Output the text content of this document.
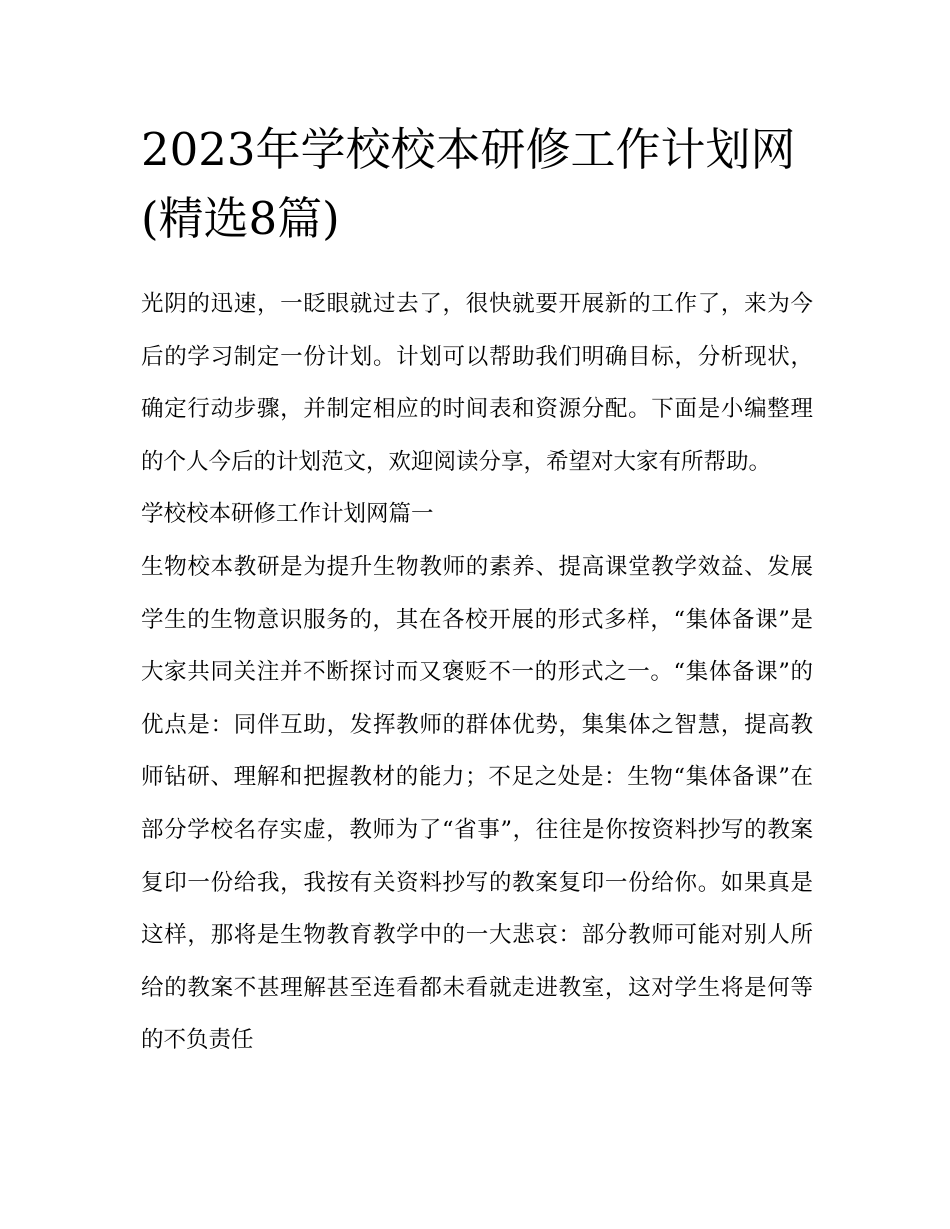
2023年学校校本研修工作计划网(精选8篇)

光阴的迅速，一眨眼就过去了，很快就要开展新的工作了，来为今后的学习制定一份计划。计划可以帮助我们明确目标，分析现状，确定行动步骤，并制定相应的时间表和资源分配。下面是小编整理的个人今后的计划范文，欢迎阅读分享，希望对大家有所帮助。

学校校本研修工作计划网篇一

生物校本教研是为提升生物教师的素养、提高课堂教学效益、发展学生的生物意识服务的，其在各校开展的形式多样，“集体备课”是大家共同关注并不断探讨而又褒贬不一的形式之一。“集体备课”的优点是：同伴互助，发挥教师的群体优势，集集体之智慧，提高教师钻研、理解和把握教材的能力；不足之处是：生物“集体备课”在部分学校名存实虚，教师为了“省事”，往往是你按资料抄写的教案复印一份给我，我按有关资料抄写的教案复印一份给你。如果真是这样，那将是生物教育教学中的一大悲哀：部分教师可能对别人所给的教案不甚理解甚至连看都未看就走进教室，这对学生将是何等的不负责任
